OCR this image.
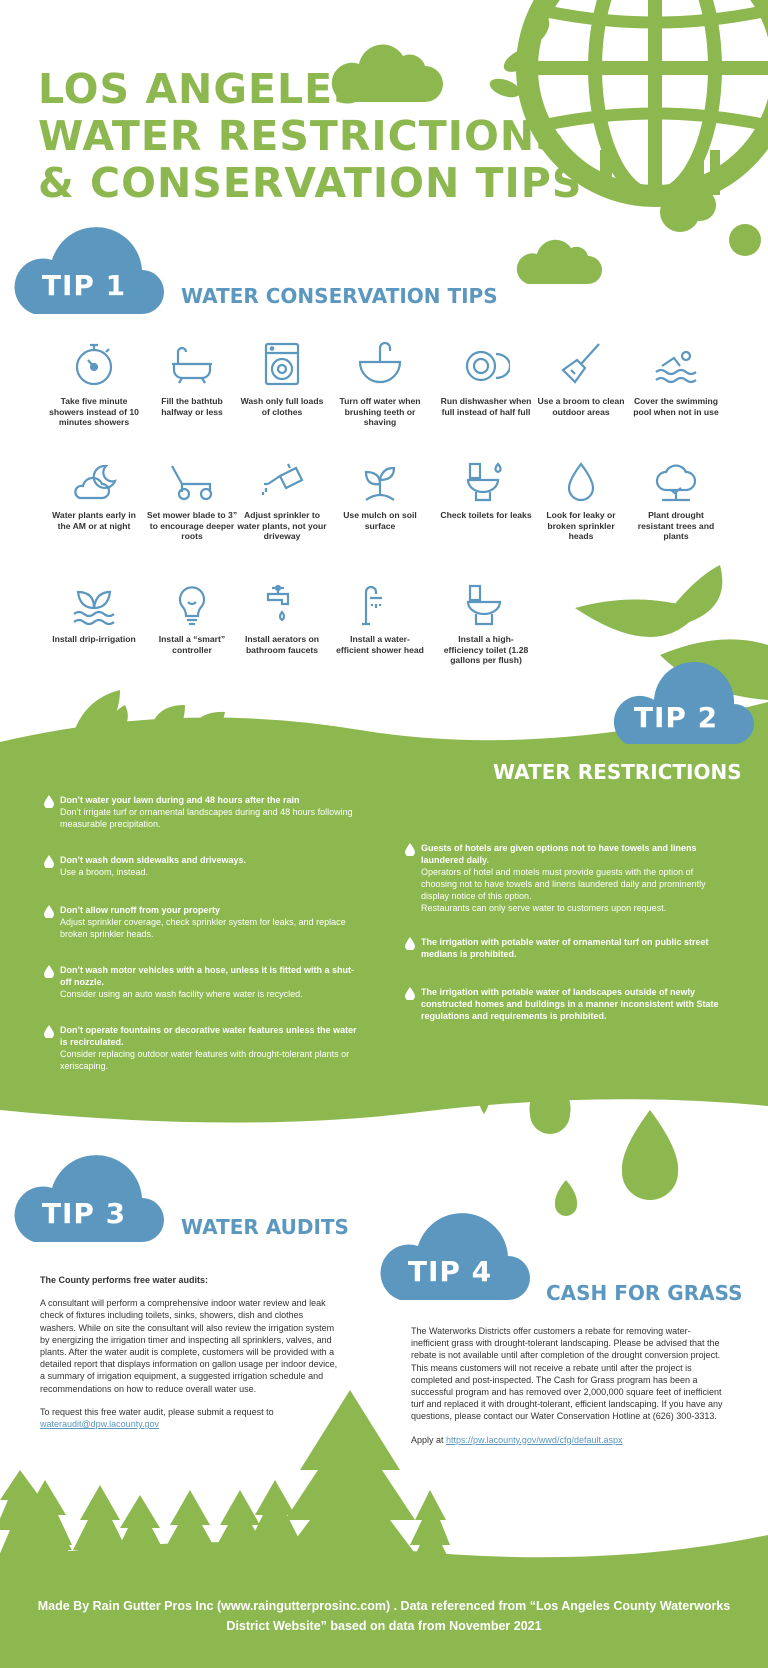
LOS ANGELES
WATER RESTRICTIONS
& CONSERVATION TIPS
TIP 1	WATER CONSERVATION TIPS
Take five minute showers instead of 10 minutes showers
Fill the bathtub halfway or less
Wash only full loads of clothes
Turn off water when brushing teeth or shaving
Run dishwasher when full instead of half full
Use a broom to clean outdoor areas
Cover the swimming pool when not in use
Water plants early in the AM or at night
Set mower blade to 3” to encourage deeper roots
Adjust sprinkler to water plants, not your driveway
Use mulch on soil surface
Check toilets for leaks	Look for leaky or broken sprinkler heads
Plant drought resistant trees and plants
Install drip-irrigation	Install a “smart” controller
Install aerators on bathroom faucets
Install a water-efficient shower head
Install a high-efficiency toilet (1.28 gallons per flush)
TIP 2
WATER RESTRICTIONS
Don’t water your lawn during and 48 hours after the rain
Don’t irrigate turf or ornamental landscapes during and 48 hours following measurable precipitation.
Don’t wash down sidewalks and driveways.
Use a broom, instead.
Don’t allow runoff from your property
Adjust sprinkler coverage, check sprinkler system for leaks, and replace broken sprinkler heads.
Don’t wash motor vehicles with a hose, unless it is fitted with a shut-off nozzle.
Consider using an auto wash facility where water is recycled.
Don’t operate fountains or decorative water features unless the water is recirculated.
Consider replacing outdoor water features with drought-tolerant plants or xeriscaping.
Guests of hotels are given options not to have towels and linens laundered daily.
Operators of hotel and motels must provide guests with the option of choosing not to have towels and linens laundered daily and prominently display notice of this option.
Restaurants can only serve water to customers upon request.
The irrigation with potable water of ornamental turf on public street medians is prohibited.
The irrigation with potable water of landscapes outside of newly constructed homes and buildings in a manner inconsistent with State regulations and requirements is prohibited.
TIP 3	WATER AUDITS

The County performs free water audits:

A consultant will perform a comprehensive indoor water review and leak check of fixtures including toilets, sinks, showers, dish and clothes washers. While on site the consultant will also review the irrigation system by energizing the irrigation timer and inspecting all sprinklers, valves, and plants. After the water audit is complete, customers will be provided with a detailed report that displays information on gallon usage per indoor device, a summary of irrigation equipment, a suggested irrigation schedule and recommendations on how to reduce overall water use.

To request this free water audit, please submit a request to
wateraudit@dpw.lacounty.gov

TIP 4
CASH FOR GRASS

The Waterworks Districts offer customers a rebate for removing water-inefficient grass with drought-tolerant landscaping. Please be advised that the rebate is not available until after completion of the drought conversion project. This means customers will not receive a rebate until after the project is completed and post-inspected. The Cash for Grass program has been a successful program and has removed over 2,000,000 square feet of inefficient turf and replaced it with drought-tolerant, efficient landscaping. If you have any questions, please contact our Water Conservation Hotline at (626) 300-3313.

Apply at https://pw.lacounty.gov/wwd/cfg/default.aspx

Made By Rain Gutter Pros Inc (www.raingutterprosinc.com) . Data referenced from “Los Angeles County Waterworks
District Website” based on data from November 2021
